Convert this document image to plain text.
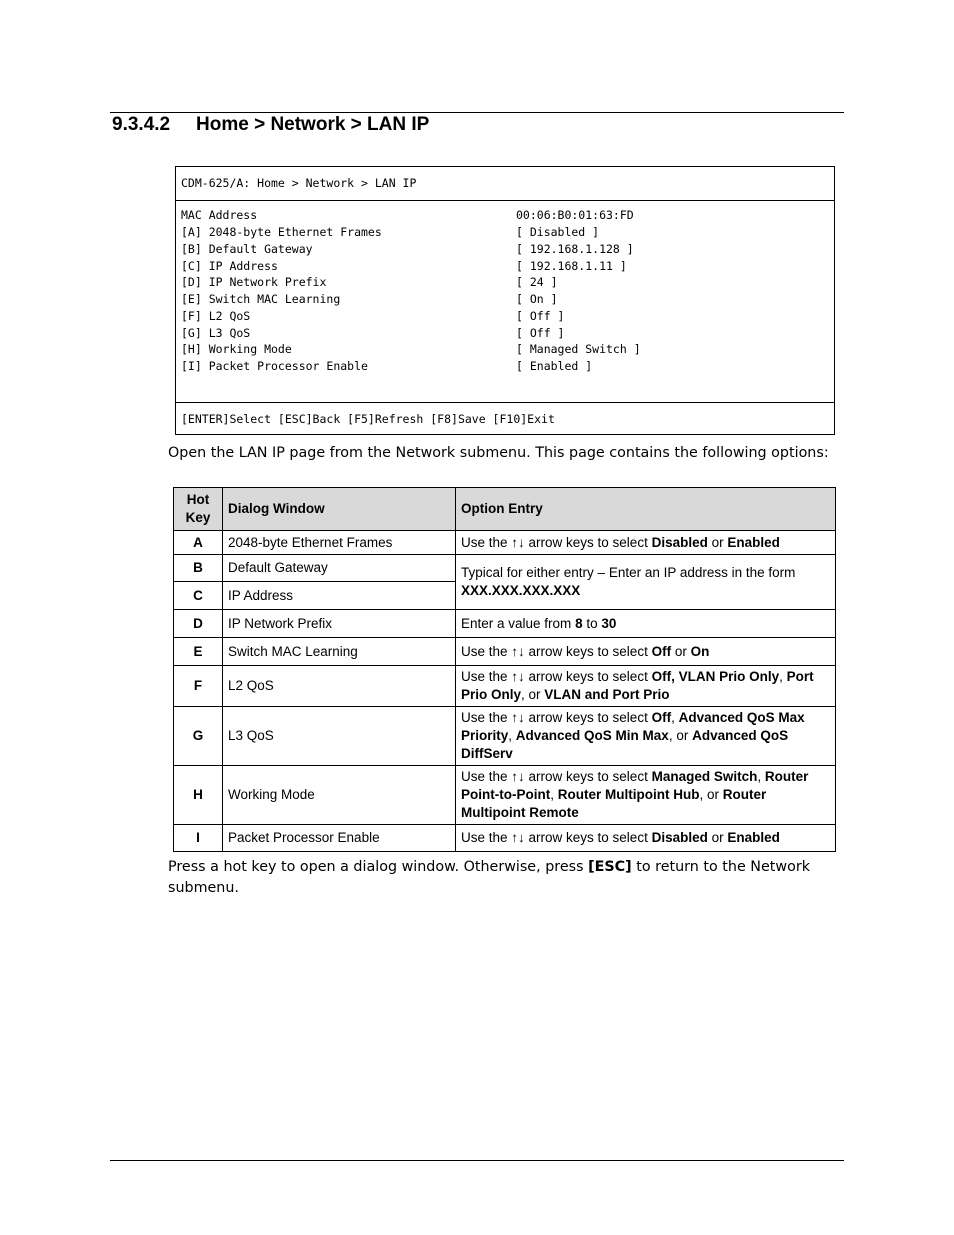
9.3.4.2 Home > Network > LAN IP
CDM-625/A: Home > Network > LAN IP
MAC Address	00:06:B0:01:63:FD
[A] 2048-byte Ethernet Frames	[ Disabled ]
[B] Default Gateway	[ 192.168.1.128 ]
[C] IP Address	[ 192.168.1.11 ]
[D] IP Network Prefix	[ 24 ]
[E] Switch MAC Learning	[ On ]
[F] L2 QoS	[ Off ]
[G] L3 QoS	[ Off ]
[H] Working Mode	[ Managed Switch ]
[I] Packet Processor Enable	[ Enabled ]
[ENTER]Select [ESC]Back [F5]Refresh [F8]Save [F10]Exit
Open the LAN IP page from the Network submenu. This page contains the following options:
Hot
Key	Dialog Window	Option Entry
A	2048-byte Ethernet Frames	Use the ↑↓ arrow keys to select Disabled or Enabled
B	Default Gateway	Typical for either entry – Enter an IP address in the form XXX.XXX.XXX.XXX
C	IP Address	
D	IP Network Prefix	Enter a value from 8 to 30
E	Switch MAC Learning	Use the ↑↓ arrow keys to select Off or On
F	L2 QoS	Use the ↑↓ arrow keys to select Off, VLAN Prio Only, Port Prio Only, or VLAN and Port Prio
G	L3 QoS	Use the ↑↓ arrow keys to select Off, Advanced QoS Max Priority, Advanced QoS Min Max, or Advanced QoS DiffServ
H	Working Mode	Use the ↑↓ arrow keys to select Managed Switch, Router Point-to-Point, Router Multipoint Hub, or Router Multipoint Remote
I	Packet Processor Enable	Use the ↑↓ arrow keys to select Disabled or Enabled
Press a hot key to open a dialog window. Otherwise, press [ESC] to return to the Network submenu.
